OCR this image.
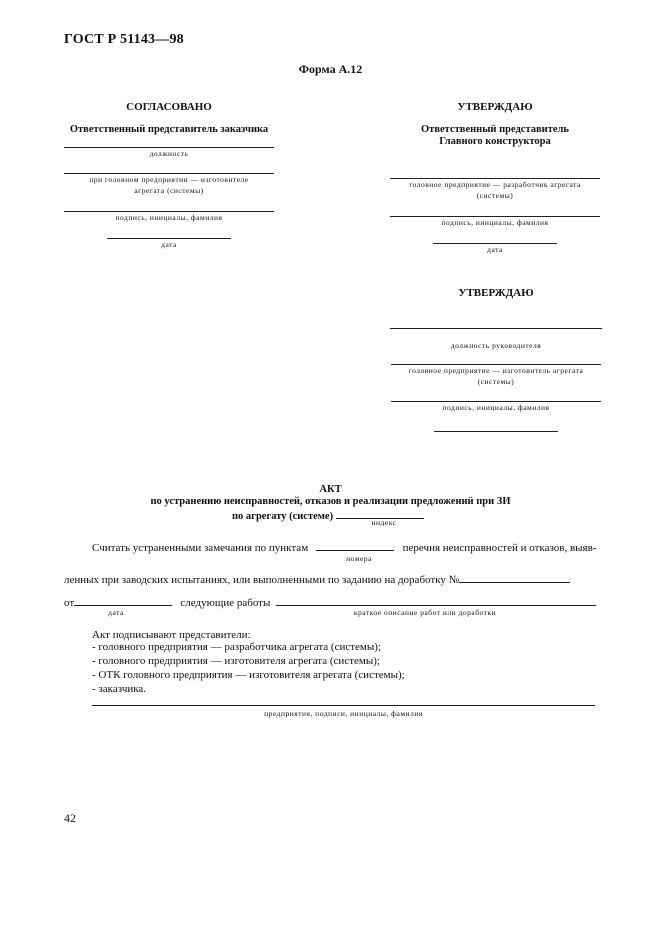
ГОСТ Р 51143—98
Форма А.12
СОГЛАСОВАНО
Ответственный представитель заказчика
должность
при головном предприятии — изготовителе агрегата (системы)
подпись, инициалы, фамилия
дата
УТВЕРЖДАЮ
Ответственный представитель Главного конструктора
головное предприятие — разработчик агрегата (системы)
подпись, инициалы, фамилия
дата
УТВЕРЖДАЮ
должность руководителя
головное предприятие — изготовитель агрегата (системы)
подпись, инициалы, фамилия
АКТ
по устранению неисправностей, отказов и реализации предложений при ЗИ
по агрегату (системе)
индекс
Считать устраненными замечания по пунктам	перечня неисправностей и отказов, выяв-
номера
ленных при заводских испытаниях, или выполненными по заданию на доработку №
от	следующие работы
дата	краткое описание работ или доработки
Акт подписывают представители:
- головного предприятия — разработчика агрегата (системы);
- головного предприятия — изготовителя агрегата (системы);
- ОТК головного предприятия — изготовителя агрегата (системы);
- заказчика.
предприятия, подписи, инициалы, фамилия
42
